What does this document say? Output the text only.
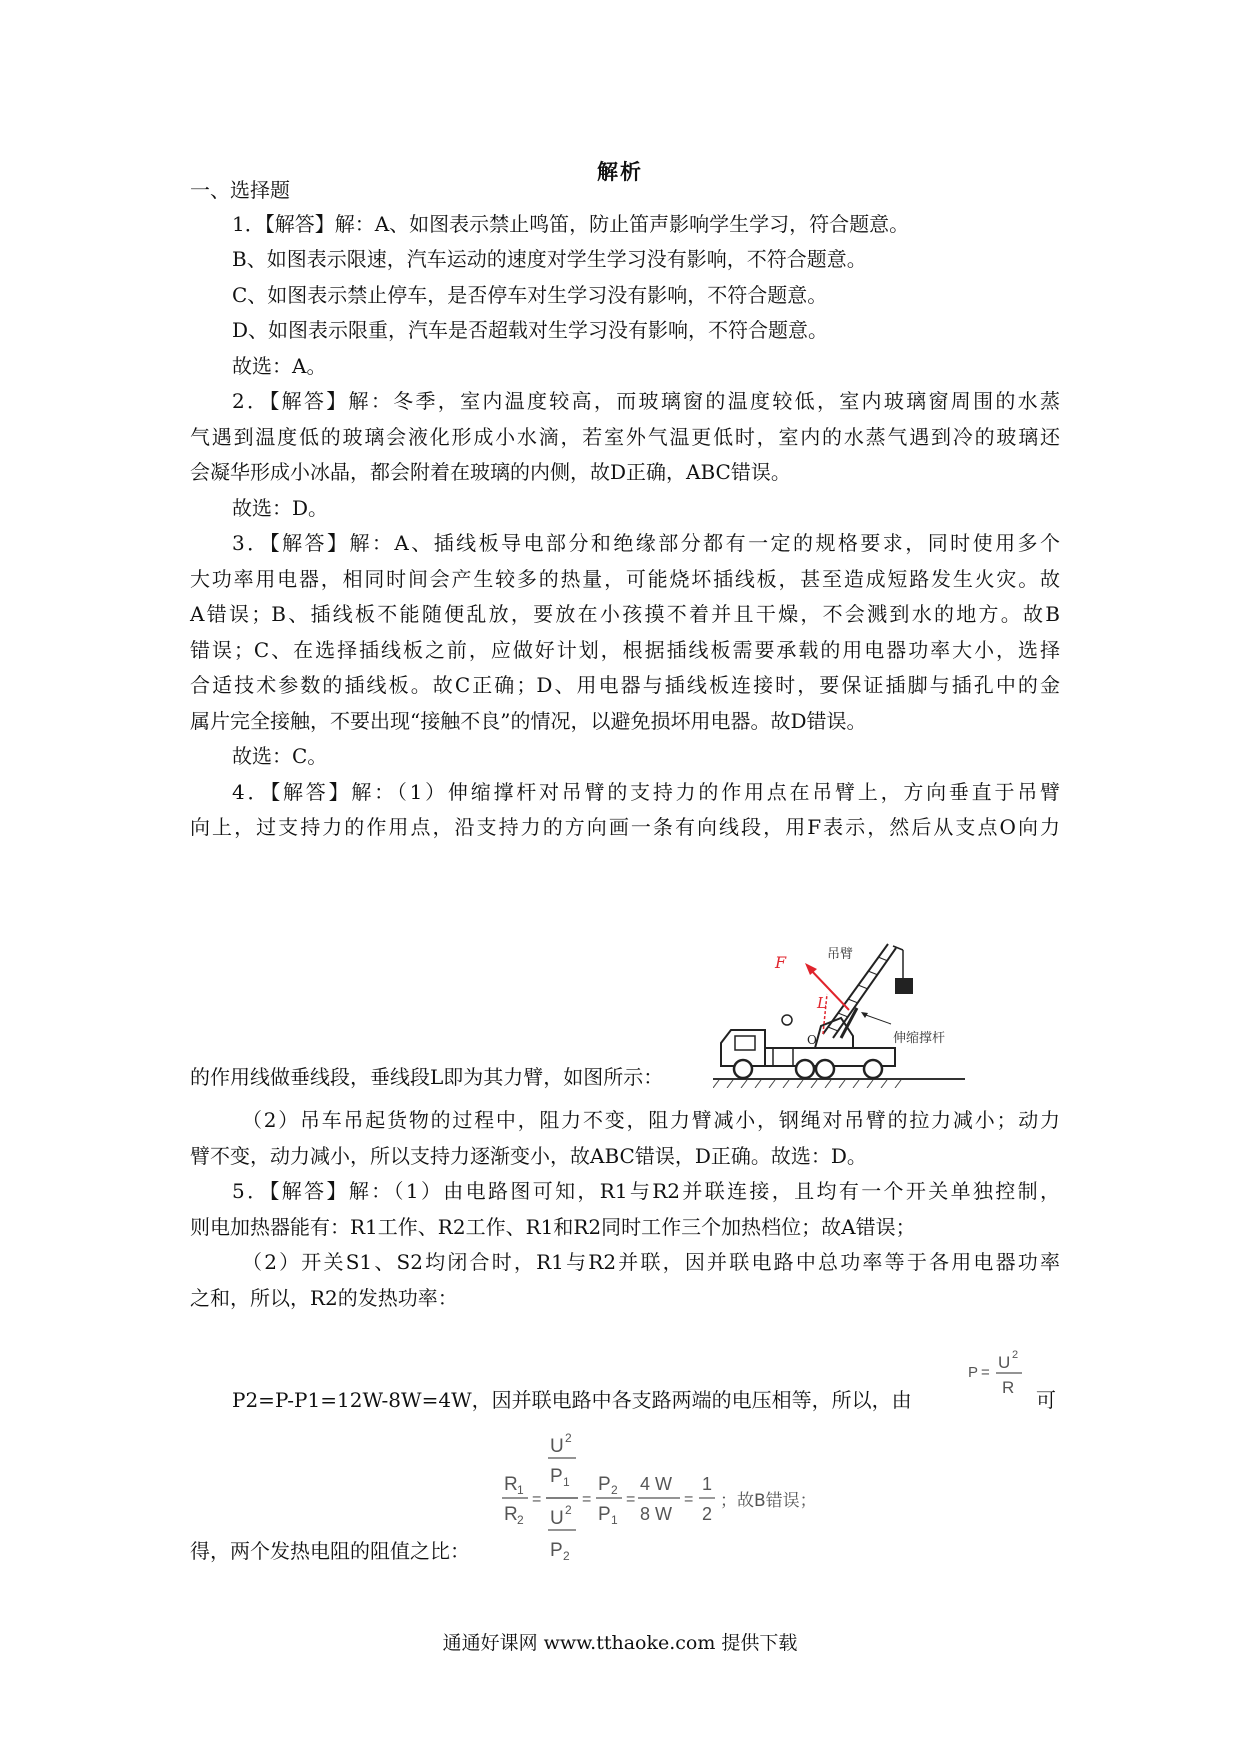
解析
一、选择题
1．【解答】解：A、如图表示禁止鸣笛，防止笛声影响学生学习，符合题意。
B、如图表示限速，汽车运动的速度对学生学习没有影响，不符合题意。
C、如图表示禁止停车，是否停车对生学习没有影响，不符合题意。
D、如图表示限重，汽车是否超载对生学习没有影响，不符合题意。
故选：A。
2．【解答】解：冬季，室内温度较高，而玻璃窗的温度较低，室内玻璃窗周围的水蒸
气遇到温度低的玻璃会液化形成小水滴，若室外气温更低时，室内的水蒸气遇到冷的玻璃还
会凝华形成小冰晶，都会附着在玻璃的内侧，故D正确，ABC错误。
故选：D。
3．【解答】解：A、插线板导电部分和绝缘部分都有一定的规格要求，同时使用多个
大功率用电器，相同时间会产生较多的热量，可能烧坏插线板，甚至造成短路发生火灾。故
A错误；B、插线板不能随便乱放，要放在小孩摸不着并且干燥，不会溅到水的地方。故B
错误；C、在选择插线板之前，应做好计划，根据插线板需要承载的用电器功率大小，选择
合适技术参数的插线板。故C正确；D、用电器与插线板连接时，要保证插脚与插孔中的金
属片完全接触，不要出现“接触不良”的情况，以避免损坏用电器。故D错误。
故选：C。
4．【解答】解：（1）伸缩撑杆对吊臂的支持力的作用点在吊臂上，方向垂直于吊臂
向上，过支持力的作用点，沿支持力的方向画一条有向线段，用F表示，然后从支点O向力
F	吊臂
L
O	伸缩撑杆
的作用线做垂线段，垂线段L即为其力臂，如图所示：
（2）吊车吊起货物的过程中，阻力不变，阻力臂减小，钢绳对吊臂的拉力减小；动力
臂不变，动力减小，所以支持力逐渐变小，故ABC错误，D正确。故选：D。
5．【解答】解：（1）由电路图可知，R1与R2并联连接，且均有一个开关单独控制，
则电加热器能有：R1工作、R2工作、R1和R2同时工作三个加热档位；故A错误；
（2）开关S1、S2均闭合时，R1与R2并联，因并联电路中总功率等于各用电器功率
之和，所以，R2的发热功率：
P2=P-P1=12W-8W=4W，因并联电路中各支路两端的电压相等，所以，由
P =
U 2
R
可
R 1
R 2
=
U 2
P 1
U 2
P 2
=
P 2
P 1
=
4 W
8 W
=
1
2
；故B错误；
得，两个发热电阻的阻值之比：
通通好课网 www.tthaoke.com 提供下载
